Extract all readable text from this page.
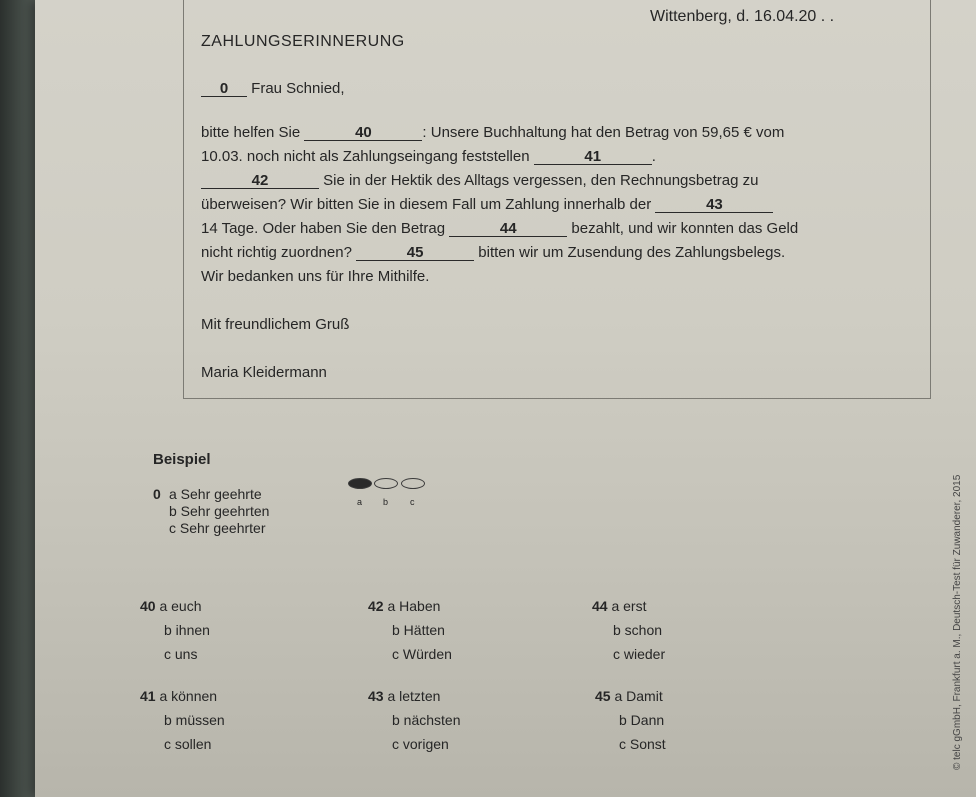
Wittenberg, d. 16.04.20 . .
ZAHLUNGSERINNERUNG
0 Frau Schnied,
bitte helfen Sie	40	: Unsere Buchhaltung hat den Betrag von 59,65 € vom
10.03. noch nicht als Zahlungseingang feststellen	41	.
42	Sie in der Hektik des Alltags vergessen, den Rechnungsbetrag zu
überweisen? Wir bitten Sie in diesem Fall um Zahlung innerhalb der	43
14 Tage. Oder haben Sie den Betrag	44	bezahlt, und wir konnten das Geld
nicht richtig zuordnen?	45	bitten wir um Zusendung des Zahlungsbelegs.
Wir bedanken uns für Ihre Mithilfe.
Mit freundlichem Gruß
Maria Kleidermann
Beispiel
0 a Sehr geehrte
b Sehr geehrten
c Sehr geehrter
a b c
40 a euch
b ihnen
c uns
42 a Haben
b Hätten
c Würden
44 a erst
b schon
c wieder
41 a können
b müssen
c sollen
43 a letzten
b nächsten
c vorigen
45 a Damit
b Dann
c Sonst	© telc gGmbH, Frankfurt a. M., Deutsch-Test für Zuwanderer, 2015
